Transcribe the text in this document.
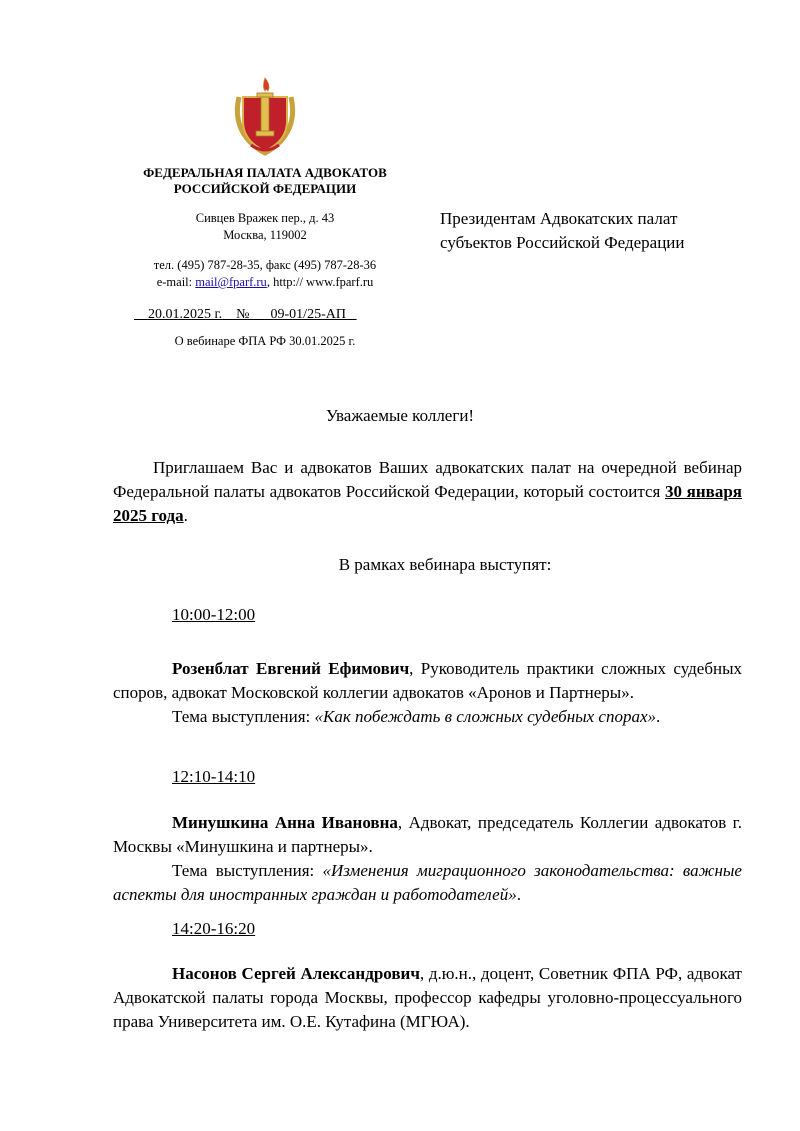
ФЕДЕРАЛЬНАЯ ПАЛАТА АДВОКАТОВ
РОССИЙСКОЙ ФЕДЕРАЦИИ
Сивцев Вражек пер., д. 43
Москва, 119002
тел. (495) 787-28-35, факс (495) 787-28-36
e-mail: mail@fparf.ru, http:// www.fparf.ru
20.01.2025 г.    №      09-01/25-АП _
О вебинаре ФПА РФ 30.01.2025 г.
Президентам Адвокатских палат
субъектов Российской Федерации
Уважаемые коллеги!
Приглашаем Вас и адвокатов Ваших адвокатских палат на очередной вебинар Федеральной палаты адвокатов Российской Федерации, который состоится 30 января 2025 года.
В рамках вебинара выступят:
10:00-12:00

Розенблат Евгений Ефимович, Руководитель практики сложных судебных споров, адвокат Московской коллегии адвокатов «Аронов и Партнеры».

Тема выступления: «Как побеждать в сложных судебных спорах».

12:10-14:10

Минушкина Анна Ивановна, Адвокат, председатель Коллегии адвокатов г. Москвы «Минушкина и партнеры».

Тема выступления: «Изменения миграционного законодательства: важные аспекты для иностранных граждан и работодателей».

14:20-16:20

Насонов Сергей Александрович, д.ю.н., доцент, Советник ФПА РФ, адвокат Адвокатской палаты города Москвы, профессор кафедры уголовно-процессуального права Университета им. О.Е. Кутафина (МГЮА).
